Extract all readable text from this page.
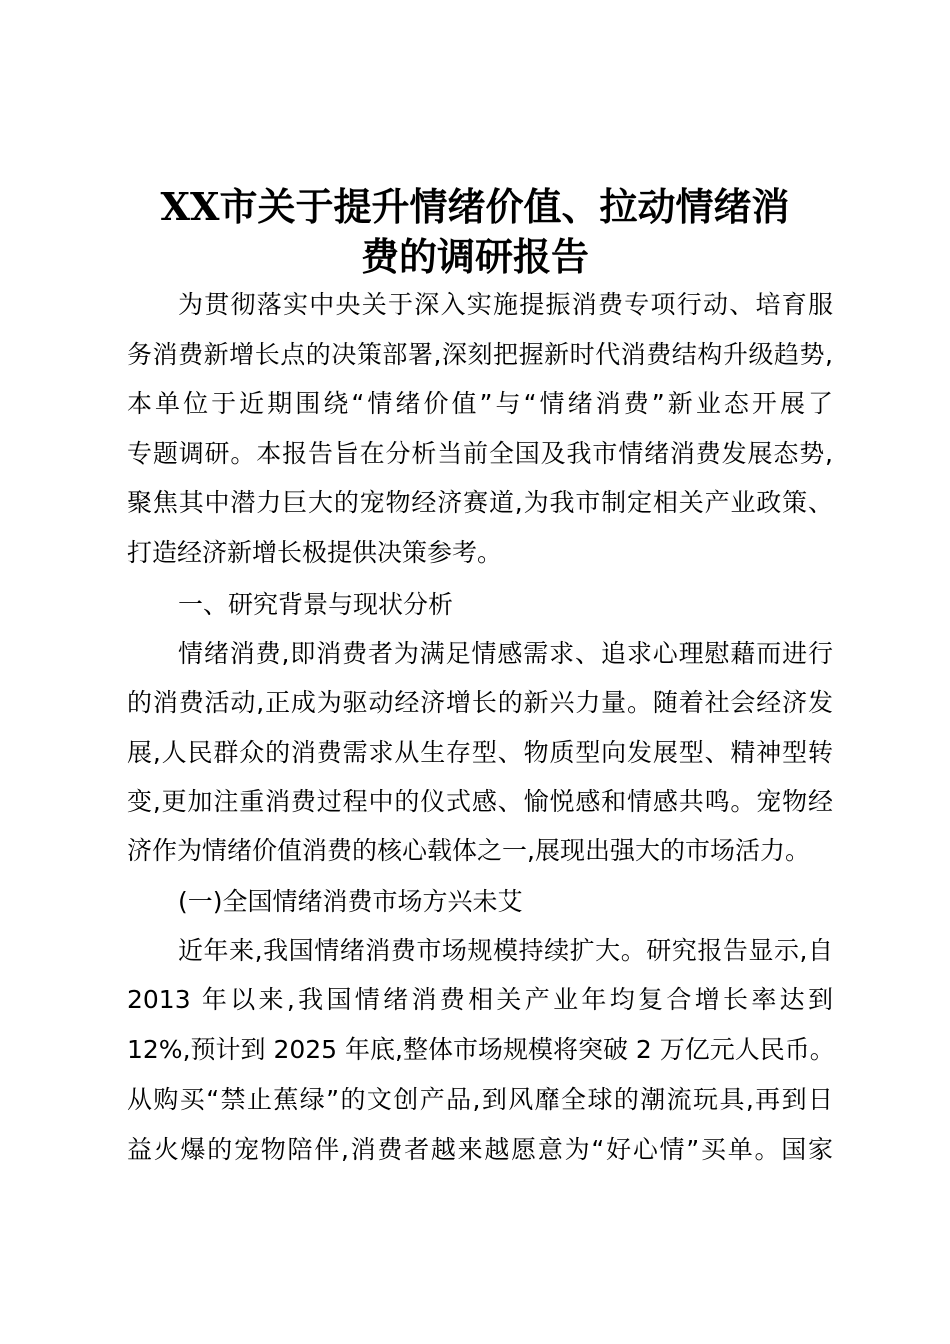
XX市关于提升情绪价值、拉动情绪消
费的调研报告
为贯彻落实中央关于深入实施提振消费专项行动、培育服
务消费新增长点的决策部署,深刻把握新时代消费结构升级趋势,
本单位于近期围绕“情绪价值”与“情绪消费”新业态开展了
专题调研。本报告旨在分析当前全国及我市情绪消费发展态势,
聚焦其中潜力巨大的宠物经济赛道,为我市制定相关产业政策、
打造经济新增长极提供决策参考。
一、研究背景与现状分析
情绪消费,即消费者为满足情感需求、追求心理慰藉而进行
的消费活动,正成为驱动经济增长的新兴力量。随着社会经济发
展,人民群众的消费需求从生存型、物质型向发展型、精神型转
变,更加注重消费过程中的仪式感、愉悦感和情感共鸣。宠物经
济作为情绪价值消费的核心载体之一,展现出强大的市场活力。
(一)全国情绪消费市场方兴未艾
近年来,我国情绪消费市场规模持续扩大。研究报告显示,自
2013 年以来,我国情绪消费相关产业年均复合增长率达到
12%,预计到 2025 年底,整体市场规模将突破 2 万亿元人民币。
从购买“禁止蕉绿”的文创产品,到风靡全球的潮流玩具,再到日
益火爆的宠物陪伴,消费者越来越愿意为“好心情”买单。国家
